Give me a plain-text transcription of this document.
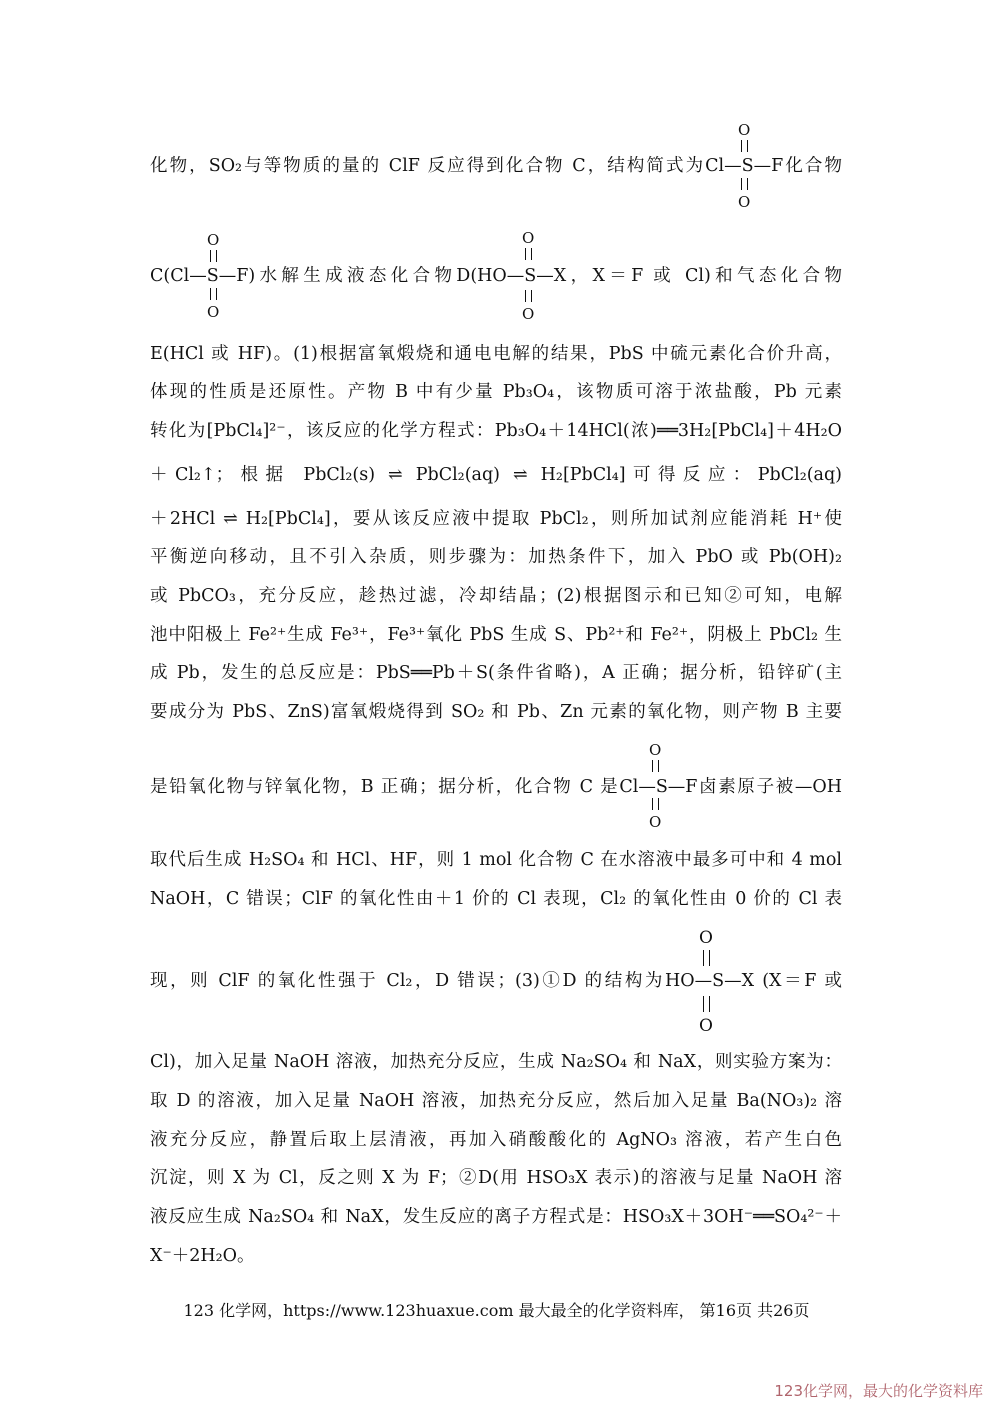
化物，SO₂与等物质的量的 ClF 反应得到化合物 C，结构简式为Cl—S—F化合物
C(Cl—S—F)水解生成液态化合物D(HO—S—X，X＝F 或 Cl)和气态化合物
E(HCl 或 HF)。(1)根据富氧煅烧和通电电解的结果，PbS 中硫元素化合价升高，
体现的性质是还原性。产物 B 中有少量 Pb₃O₄，该物质可溶于浓盐酸，Pb 元素
转化为[PbCl₄]²⁻，该反应的化学方程式：Pb₃O₄＋14HCl(浓)══3H₂[PbCl₄]＋4H₂O
＋Cl₂↑；根据 PbCl₂(s) ⇌ PbCl₂(aq) ⇌ H₂[PbCl₄]可得反应：PbCl₂(aq)
＋2HCl ⇌ H₂[PbCl₄]，要从该反应液中提取 PbCl₂，则所加试剂应能消耗 H⁺使
平衡逆向移动，且不引入杂质，则步骤为：加热条件下，加入 PbO 或 Pb(OH)₂
或 PbCO₃，充分反应，趁热过滤，冷却结晶；(2)根据图示和已知②可知，电解
池中阳极上 Fe²⁺生成 Fe³⁺，Fe³⁺氧化 PbS 生成 S、Pb²⁺和 Fe²⁺，阴极上 PbCl₂ 生
成 Pb，发生的总反应是：PbS══Pb＋S(条件省略)，A 正确；据分析，铅锌矿(主
要成分为 PbS、ZnS)富氧煅烧得到 SO₂ 和 Pb、Zn 元素的氧化物，则产物 B 主要
是铅氧化物与锌氧化物，B 正确；据分析，化合物 C 是Cl—S—F卤素原子被—OH
取代后生成 H₂SO₄ 和 HCl、HF，则 1 mol 化合物 C 在水溶液中最多可中和 4 mol
NaOH，C 错误；ClF 的氧化性由＋1 价的 Cl 表现，Cl₂ 的氧化性由 0 价的 Cl 表
现，则 ClF 的氧化性强于 Cl₂，D 错误；(3)①D 的结构为HO—S—X (X＝F 或
Cl)，加入足量 NaOH 溶液，加热充分反应，生成 Na₂SO₄ 和 NaX，则实验方案为：
取 D 的溶液，加入足量 NaOH 溶液，加热充分反应，然后加入足量 Ba(NO₃)₂ 溶
液充分反应，静置后取上层清液，再加入硝酸酸化的 AgNO₃ 溶液，若产生白色
沉淀，则 X 为 Cl，反之则 X 为 F；②D(用 HSO₃X 表示)的溶液与足量 NaOH 溶
液反应生成 Na₂SO₄ 和 NaX，发生反应的离子方程式是：HSO₃X＋3OH⁻══SO₄²⁻＋
X⁻＋2H₂O。
O
O
O
O
O
O
O
O
O
O
123 化学网，https://www.123huaxue.com 最大最全的化学资料库， 第16页 共26页
123化学网，最大的化学资料库
